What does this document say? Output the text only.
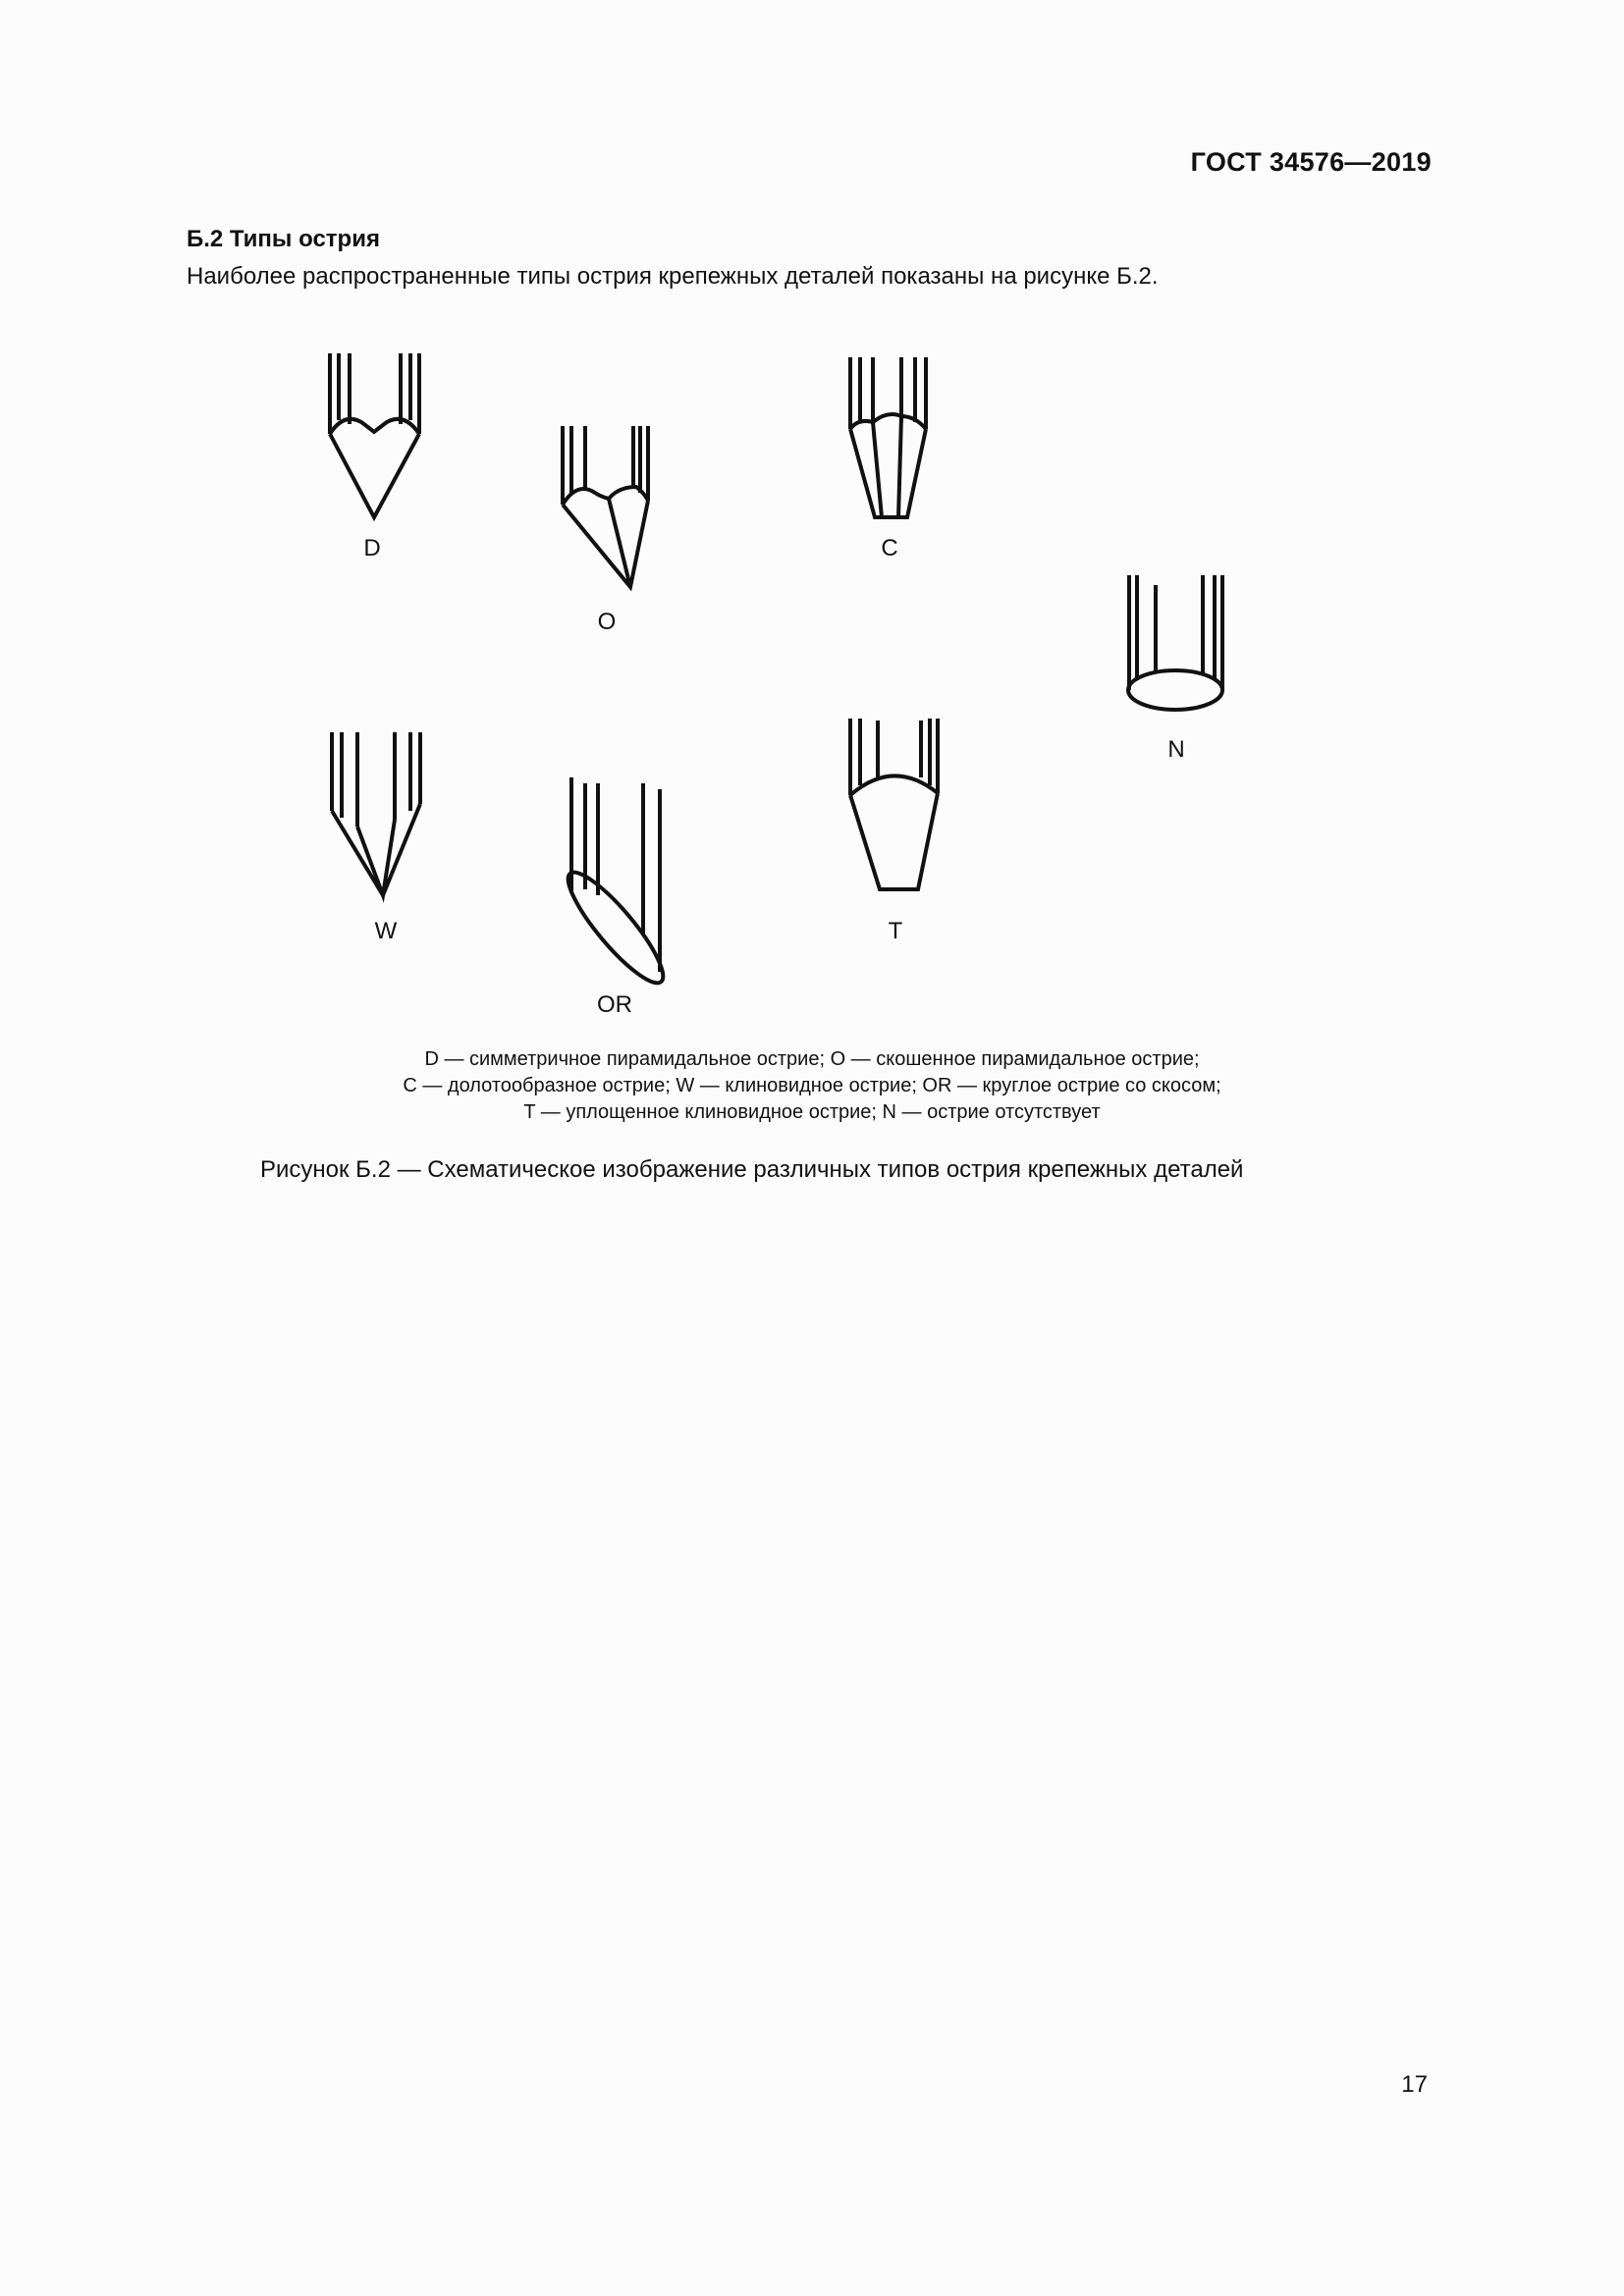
ГОСТ 34576—2019
Б.2 Типы острия
Наиболее распространенные типы острия крепежных деталей показаны на рисунке Б.2.
D
O
C
N
W
OR
T
D — симметричное пирамидальное острие; O — скошенное пирамидальное острие;
C — долотообразное острие; W — клиновидное острие; OR — круглое острие со скосом;
T — уплощенное клиновидное острие; N — острие отсутствует
Рисунок Б.2 — Схематическое изображение различных типов острия крепежных деталей
17
